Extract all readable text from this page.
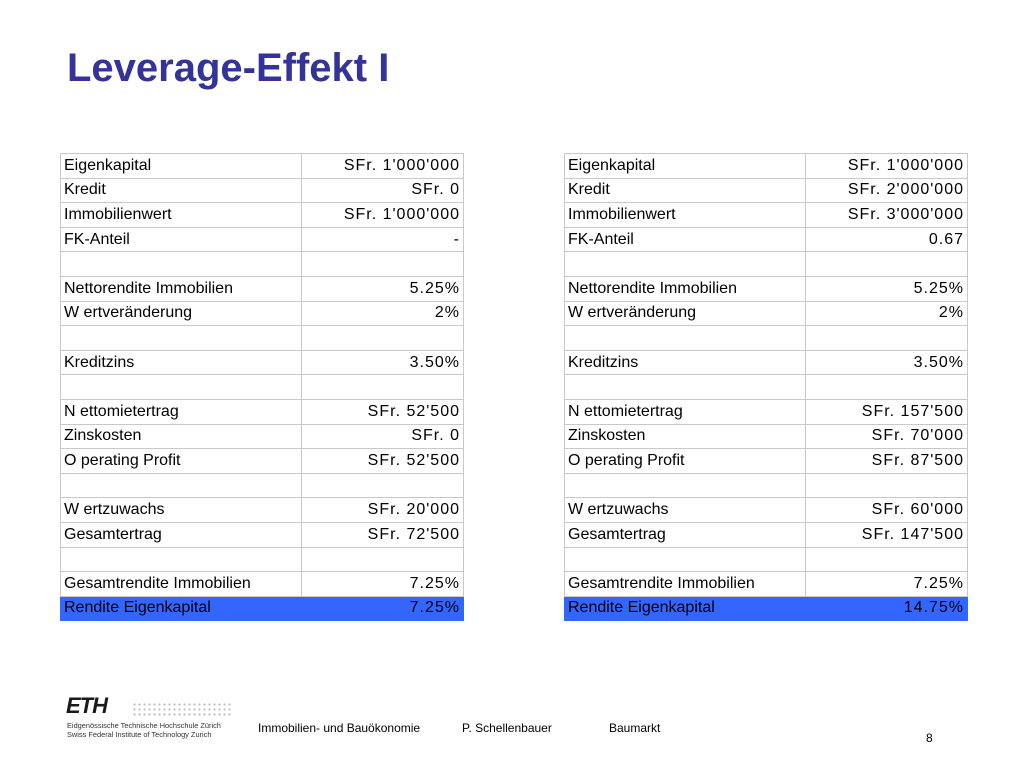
Leverage-Effekt I
Eigenkapital	SFr. 1'000'000
Kredit	SFr. 0
Immobilienwert	SFr. 1'000'000
FK-Anteil	-

Nettorendite Immobilien	5.25%
W ertveränderung	2%

Kreditzins	3.50%

N ettomietertrag	SFr. 52'500
Zinskosten	SFr. 0
O perating Profit	SFr. 52'500

W ertzuwachs	SFr. 20'000
Gesamtertrag	SFr. 72'500

Gesamtrendite Immobilien	7.25%
Rendite Eigenkapital	7.25%
Eigenkapital	SFr. 1'000'000
Kredit	SFr. 2'000'000
Immobilienwert	SFr. 3'000'000
FK-Anteil	0.67

Nettorendite Immobilien	5.25%
W ertveränderung	2%

Kreditzins	3.50%

N ettomietertrag	SFr. 157'500
Zinskosten	SFr. 70'000
O perating Profit	SFr. 87'500

W ertzuwachs	SFr. 60'000
Gesamtertrag	SFr. 147'500

Gesamtrendite Immobilien	7.25%
Rendite Eigenkapital	14.75%
ETH
Eidgenössische Technische Hochschule Zürich
Swiss Federal Institute of Technology Zurich	Immobilien- und Bauökonomie	P. Schellenbauer	Baumarkt
8
